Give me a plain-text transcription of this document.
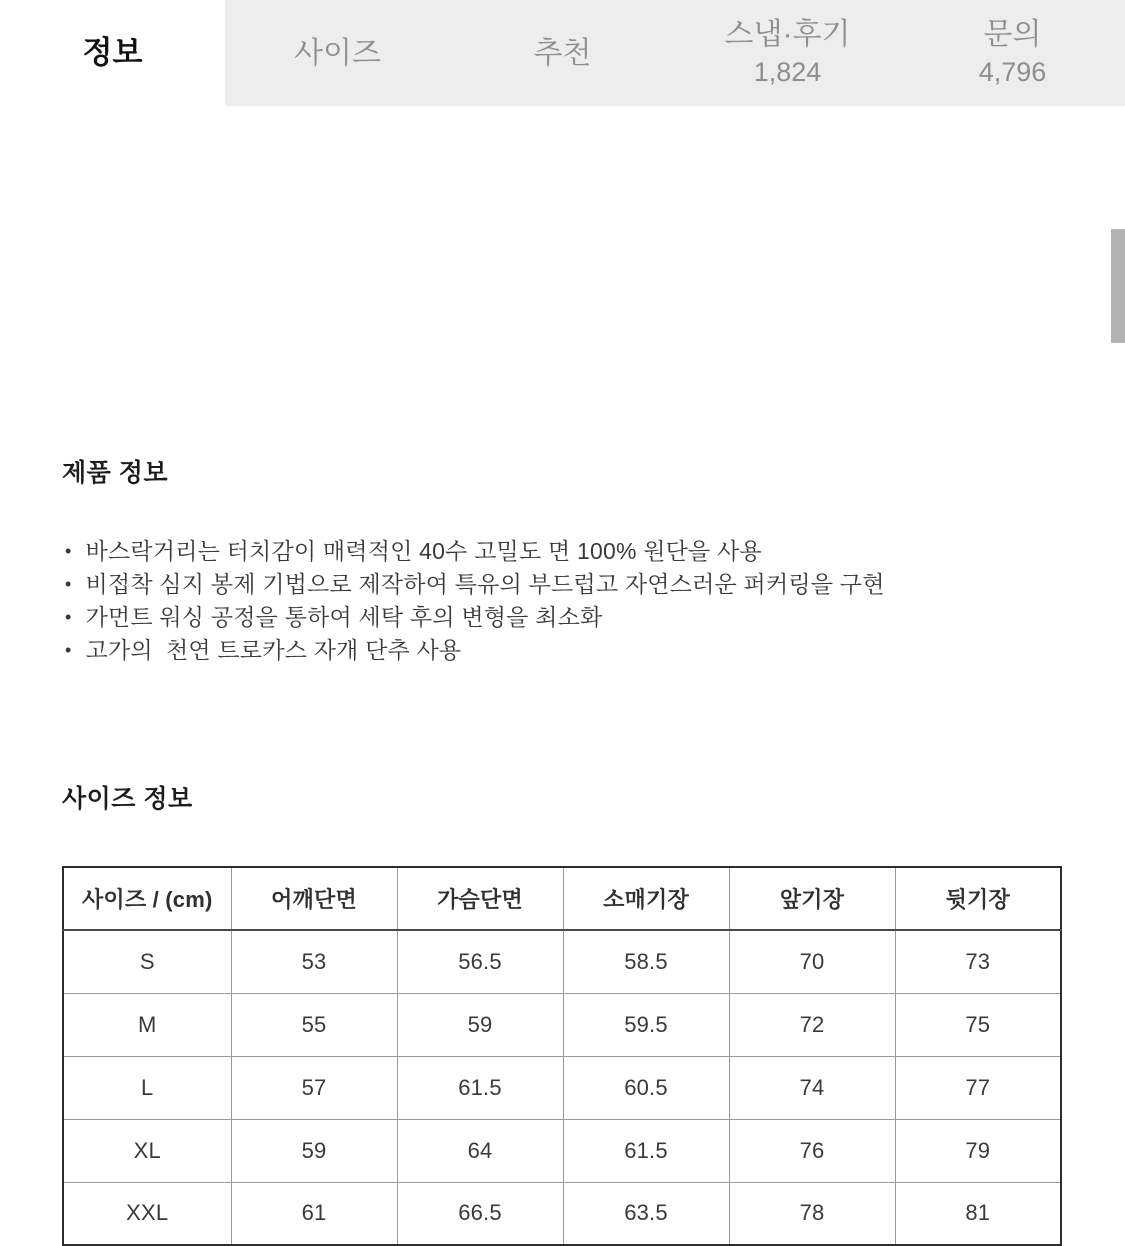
정보	사이즈	추천
스냅·후기
1,824
문의
4,796
제품 정보
• 바스락거리는 터치감이 매력적인 40수 고밀도 면 100% 원단을 사용
• 비접착 심지 봉제 기법으로 제작하여 특유의 부드럽고 자연스러운 퍼커링을 구현
• 가먼트 워싱 공정을 통하여 세탁 후의 변형을 최소화
• 고가의  천연 트로카스 자개 단추 사용
사이즈 정보
사이즈 / (cm)	어깨단면	가슴단면	소매기장	앞기장	뒷기장
S	53	56.5	58.5	70	73
M	55	59	59.5	72	75
L	57	61.5	60.5	74	77
XL	59	64	61.5	76	79
XXL	61	66.5	63.5	78	81
